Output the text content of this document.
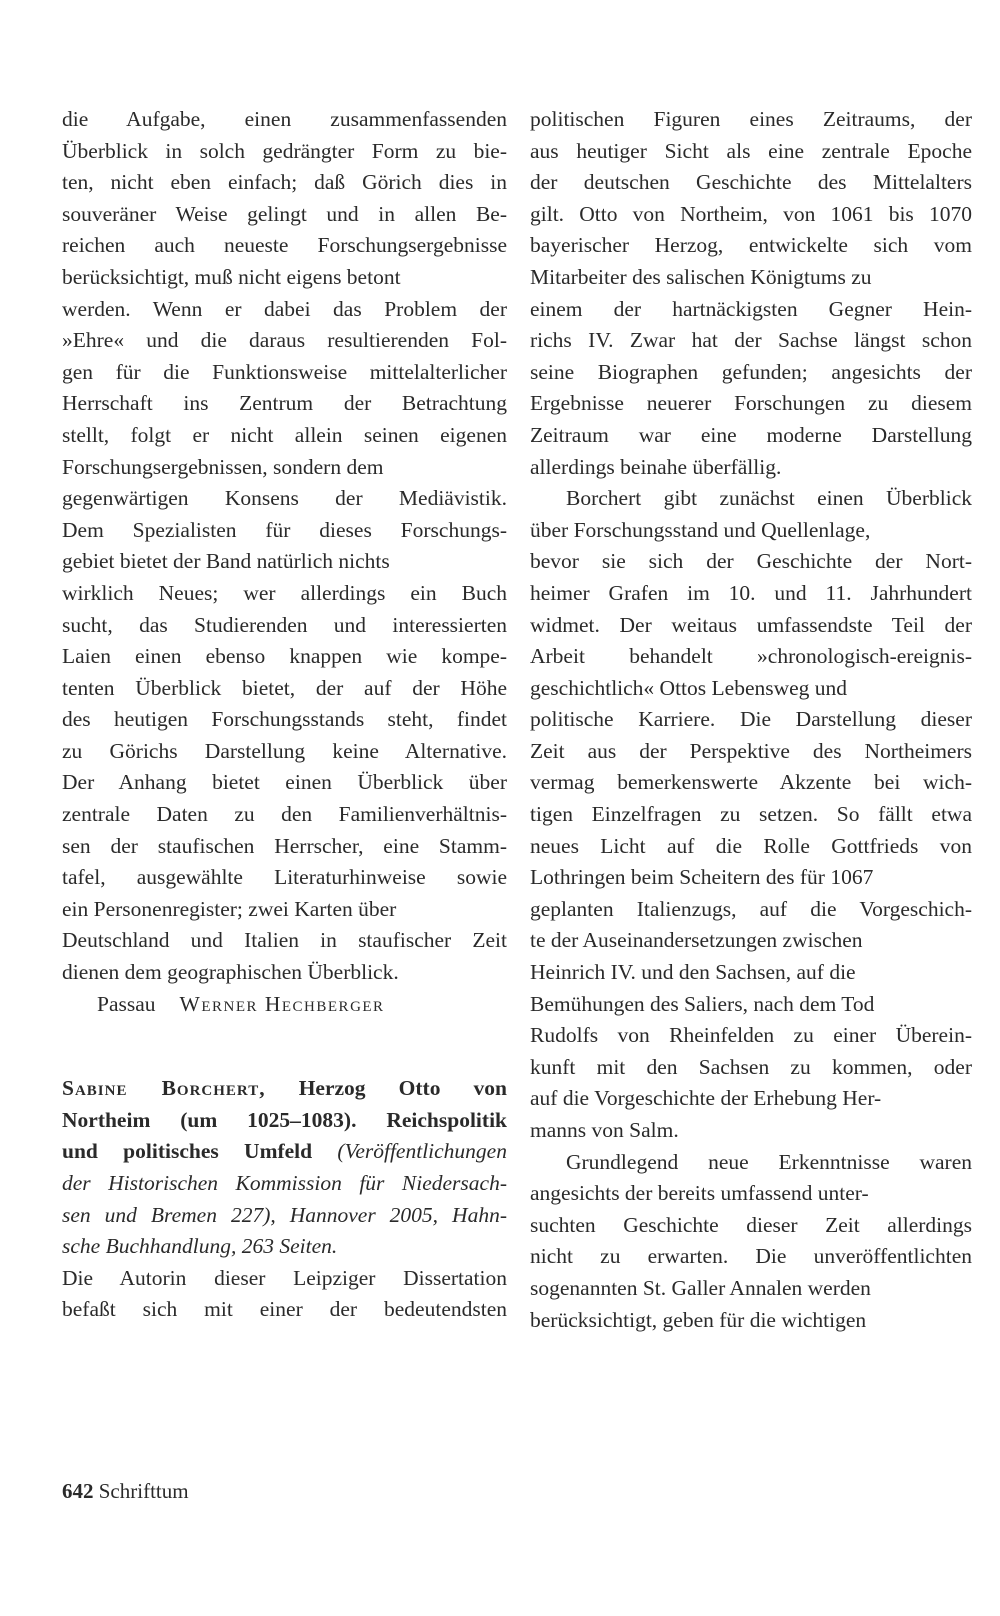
die Aufgabe, einen zusammenfassenden
Überblick in solch gedrängter Form zu bie-
ten, nicht eben einfach; daß Görich dies in
souveräner Weise gelingt und in allen Be-
reichen auch neueste Forschungsergebnisse
berücksichtigt, muß nicht eigens betont
werden. Wenn er dabei das Problem der
»Ehre« und die daraus resultierenden Fol-
gen für die Funktionsweise mittelalterlicher
Herrschaft ins Zentrum der Betrachtung
stellt, folgt er nicht allein seinen eigenen
Forschungsergebnissen, sondern dem
gegenwärtigen Konsens der Mediävistik.
Dem Spezialisten für dieses Forschungs-
gebiet bietet der Band natürlich nichts
wirklich Neues; wer allerdings ein Buch
sucht, das Studierenden und interessierten
Laien einen ebenso knappen wie kompe-
tenten Überblick bietet, der auf der Höhe
des heutigen Forschungsstands steht, findet
zu Görichs Darstellung keine Alternative.
Der Anhang bietet einen Überblick über
zentrale Daten zu den Familienverhältnis-
sen der staufischen Herrscher, eine Stamm-
tafel, ausgewählte Literaturhinweise sowie
ein Personenregister; zwei Karten über
Deutschland und Italien in staufischer Zeit
dienen dem geographischen Überblick.
Passau Werner Hechberger
Sabine Borchert, Herzog Otto von
Northeim (um 1025–1083). Reichspolitik
und politisches Umfeld (Veröffentlichungen
der Historischen Kommission für Niedersach-
sen und Bremen 227), Hannover 2005, Hahn-
sche Buchhandlung, 263 Seiten.
Die Autorin dieser Leipziger Dissertation
befaßt sich mit einer der bedeutendsten
politischen Figuren eines Zeitraums, der
aus heutiger Sicht als eine zentrale Epoche
der deutschen Geschichte des Mittelalters
gilt. Otto von Northeim, von 1061 bis 1070
bayerischer Herzog, entwickelte sich vom
Mitarbeiter des salischen Königtums zu
einem der hartnäckigsten Gegner Hein-
richs IV. Zwar hat der Sachse längst schon
seine Biographen gefunden; angesichts der
Ergebnisse neuerer Forschungen zu diesem
Zeitraum war eine moderne Darstellung
allerdings beinahe überfällig.
Borchert gibt zunächst einen Überblick
über Forschungsstand und Quellenlage,
bevor sie sich der Geschichte der Nort-
heimer Grafen im 10. und 11. Jahrhundert
widmet. Der weitaus umfassendste Teil der
Arbeit behandelt »chronologisch-ereignis-
geschichtlich« Ottos Lebensweg und
politische Karriere. Die Darstellung dieser
Zeit aus der Perspektive des Northeimers
vermag bemerkenswerte Akzente bei wich-
tigen Einzelfragen zu setzen. So fällt etwa
neues Licht auf die Rolle Gottfrieds von
Lothringen beim Scheitern des für 1067
geplanten Italienzugs, auf die Vorgeschich-
te der Auseinandersetzungen zwischen
Heinrich IV. und den Sachsen, auf die
Bemühungen des Saliers, nach dem Tod
Rudolfs von Rheinfelden zu einer Überein-
kunft mit den Sachsen zu kommen, oder
auf die Vorgeschichte der Erhebung Her-
manns von Salm.
Grundlegend neue Erkenntnisse waren
angesichts der bereits umfassend unter-
suchten Geschichte dieser Zeit allerdings
nicht zu erwarten. Die unveröffentlichten
sogenannten St. Galler Annalen werden
berücksichtigt, geben für die wichtigen
642 Schrifttum
